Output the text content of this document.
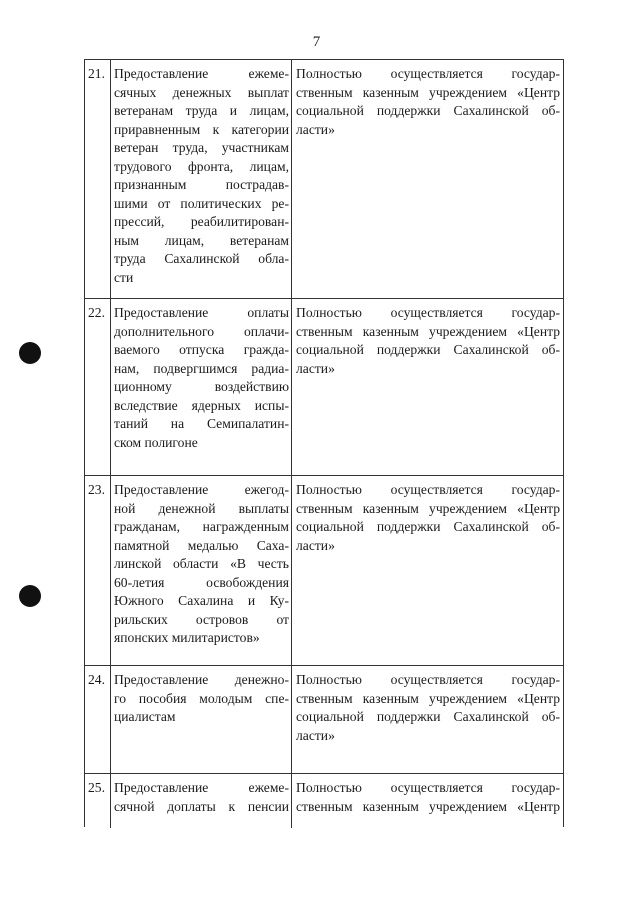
7
21. Предоставление ежеме-
сячных денежных выплат
ветеранам труда и лицам,
приравненным к категории
ветеран труда, участникам
трудового фронта, лицам,
признанным пострадав-
шими от политических ре-
прессий, реабилитирован-
ным лицам, ветеранам
труда Сахалинской обла-
сти
Полностью осуществляется государ-
ственным казенным учреждением «Центр
социальной поддержки Сахалинской об-
ласти»
22. Предоставление оплаты
дополнительного оплачи-
ваемого отпуска гражда-
нам, подвергшимся радиа-
ционному воздействию
вследствие ядерных испы-
таний на Семипалатин-
ском полигоне
Полностью осуществляется государ-
ственным казенным учреждением «Центр
социальной поддержки Сахалинской об-
ласти»
23. Предоставление ежегод-
ной денежной выплаты
гражданам, награжденным
памятной медалью Саха-
линской области «В честь
60-летия освобождения
Южного Сахалина и Ку-
рильских островов от
японских милитаристов»
Полностью осуществляется государ-
ственным казенным учреждением «Центр
социальной поддержки Сахалинской об-
ласти»
24. Предоставление денежно-
го пособия молодым спе-
циалистам
Полностью осуществляется государ-
ственным казенным учреждением «Центр
социальной поддержки Сахалинской об-
ласти»
25. Предоставление ежеме-
сячной доплаты к пенсии
Полностью осуществляется государ-
ственным казенным учреждением «Центр
